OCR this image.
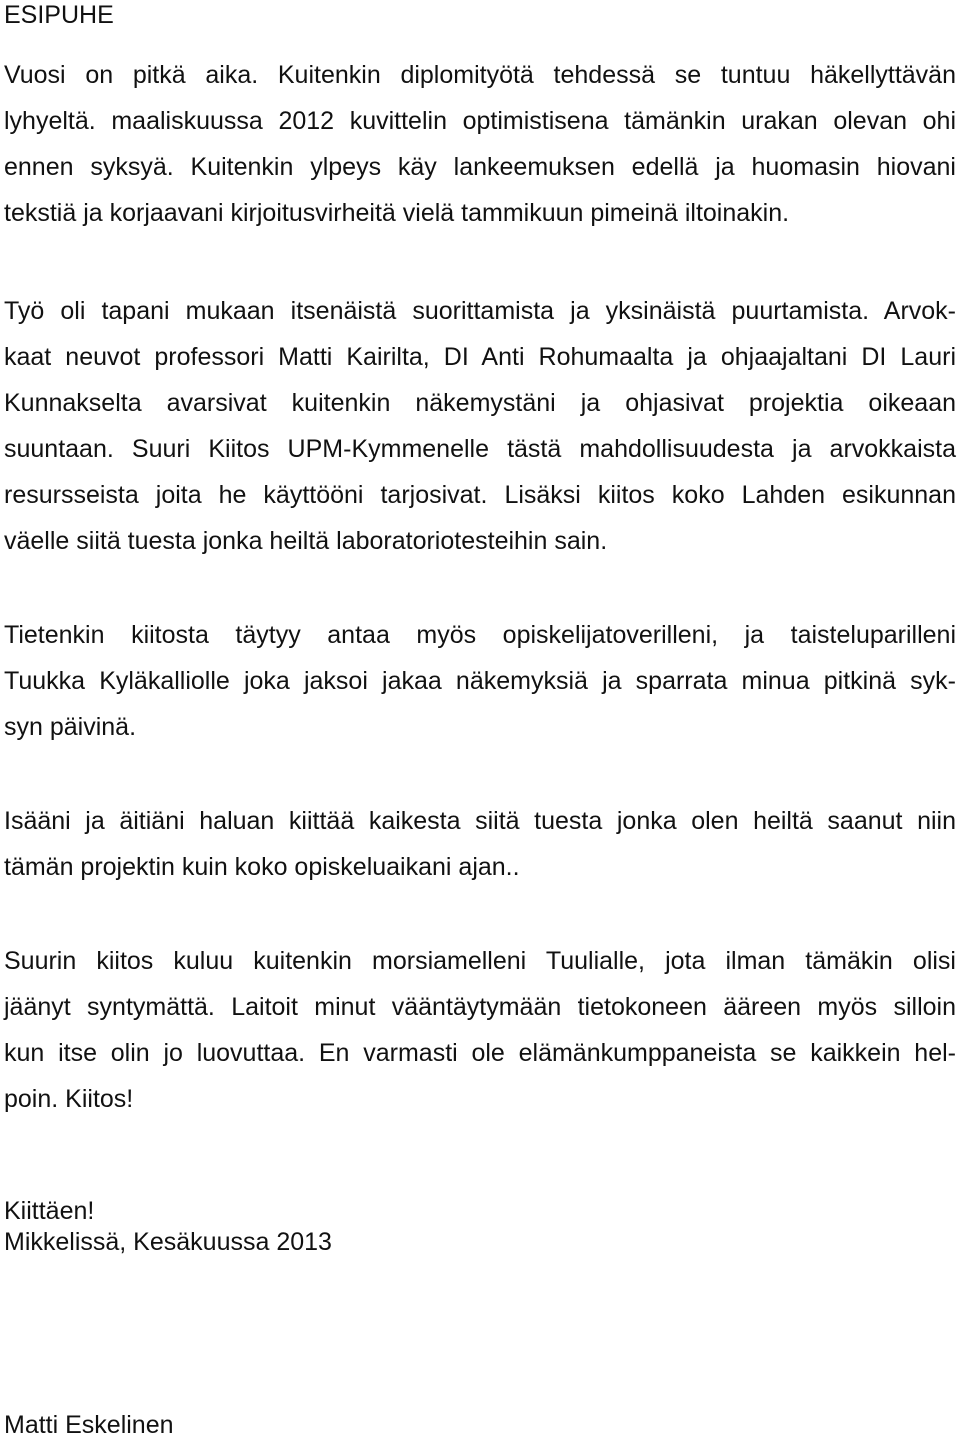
ESIPUHE

Vuosi on pitkä aika. Kuitenkin diplomityötä tehdessä se tuntuu häkellyttävän
lyhyeltä. maaliskuussa 2012 kuvittelin optimistisena tämänkin urakan olevan ohi
ennen syksyä. Kuitenkin ylpeys käy lankeemuksen edellä ja huomasin hiovani
tekstiä ja korjaavani kirjoitusvirheitä vielä tammikuun pimeinä iltoinakin.

Työ oli tapani mukaan itsenäistä suorittamista ja yksinäistä puurtamista. Arvok-
kaat neuvot professori Matti Kairilta, DI Anti Rohumaalta ja ohjaajaltani DI Lauri
Kunnakselta avarsivat kuitenkin näkemystäni ja ohjasivat projektia oikeaan
suuntaan. Suuri Kiitos UPM-Kymmenelle tästä mahdollisuudesta ja arvokkaista
resursseista joita he käyttööni tarjosivat. Lisäksi kiitos koko Lahden esikunnan
väelle siitä tuesta jonka heiltä laboratoriotesteihin sain.

Tietenkin kiitosta täytyy antaa myös opiskelijatoverilleni, ja taisteluparilleni
Tuukka Kyläkalliolle joka jaksoi jakaa näkemyksiä ja sparrata minua pitkinä syk-
syn päivinä.

Isääni ja äitiäni haluan kiittää kaikesta siitä tuesta jonka olen heiltä saanut niin
tämän projektin kuin koko opiskeluaikani ajan..

Suurin kiitos kuluu kuitenkin morsiamelleni Tuulialle, jota ilman tämäkin olisi
jäänyt syntymättä. Laitoit minut vääntäytymään tietokoneen ääreen myös silloin
kun itse olin jo luovuttaa. En varmasti ole elämänkumppaneista se kaikkein hel-
poin. Kiitos!

Kiittäen!
Mikkelissä, Kesäkuussa 2013

Matti Eskelinen
